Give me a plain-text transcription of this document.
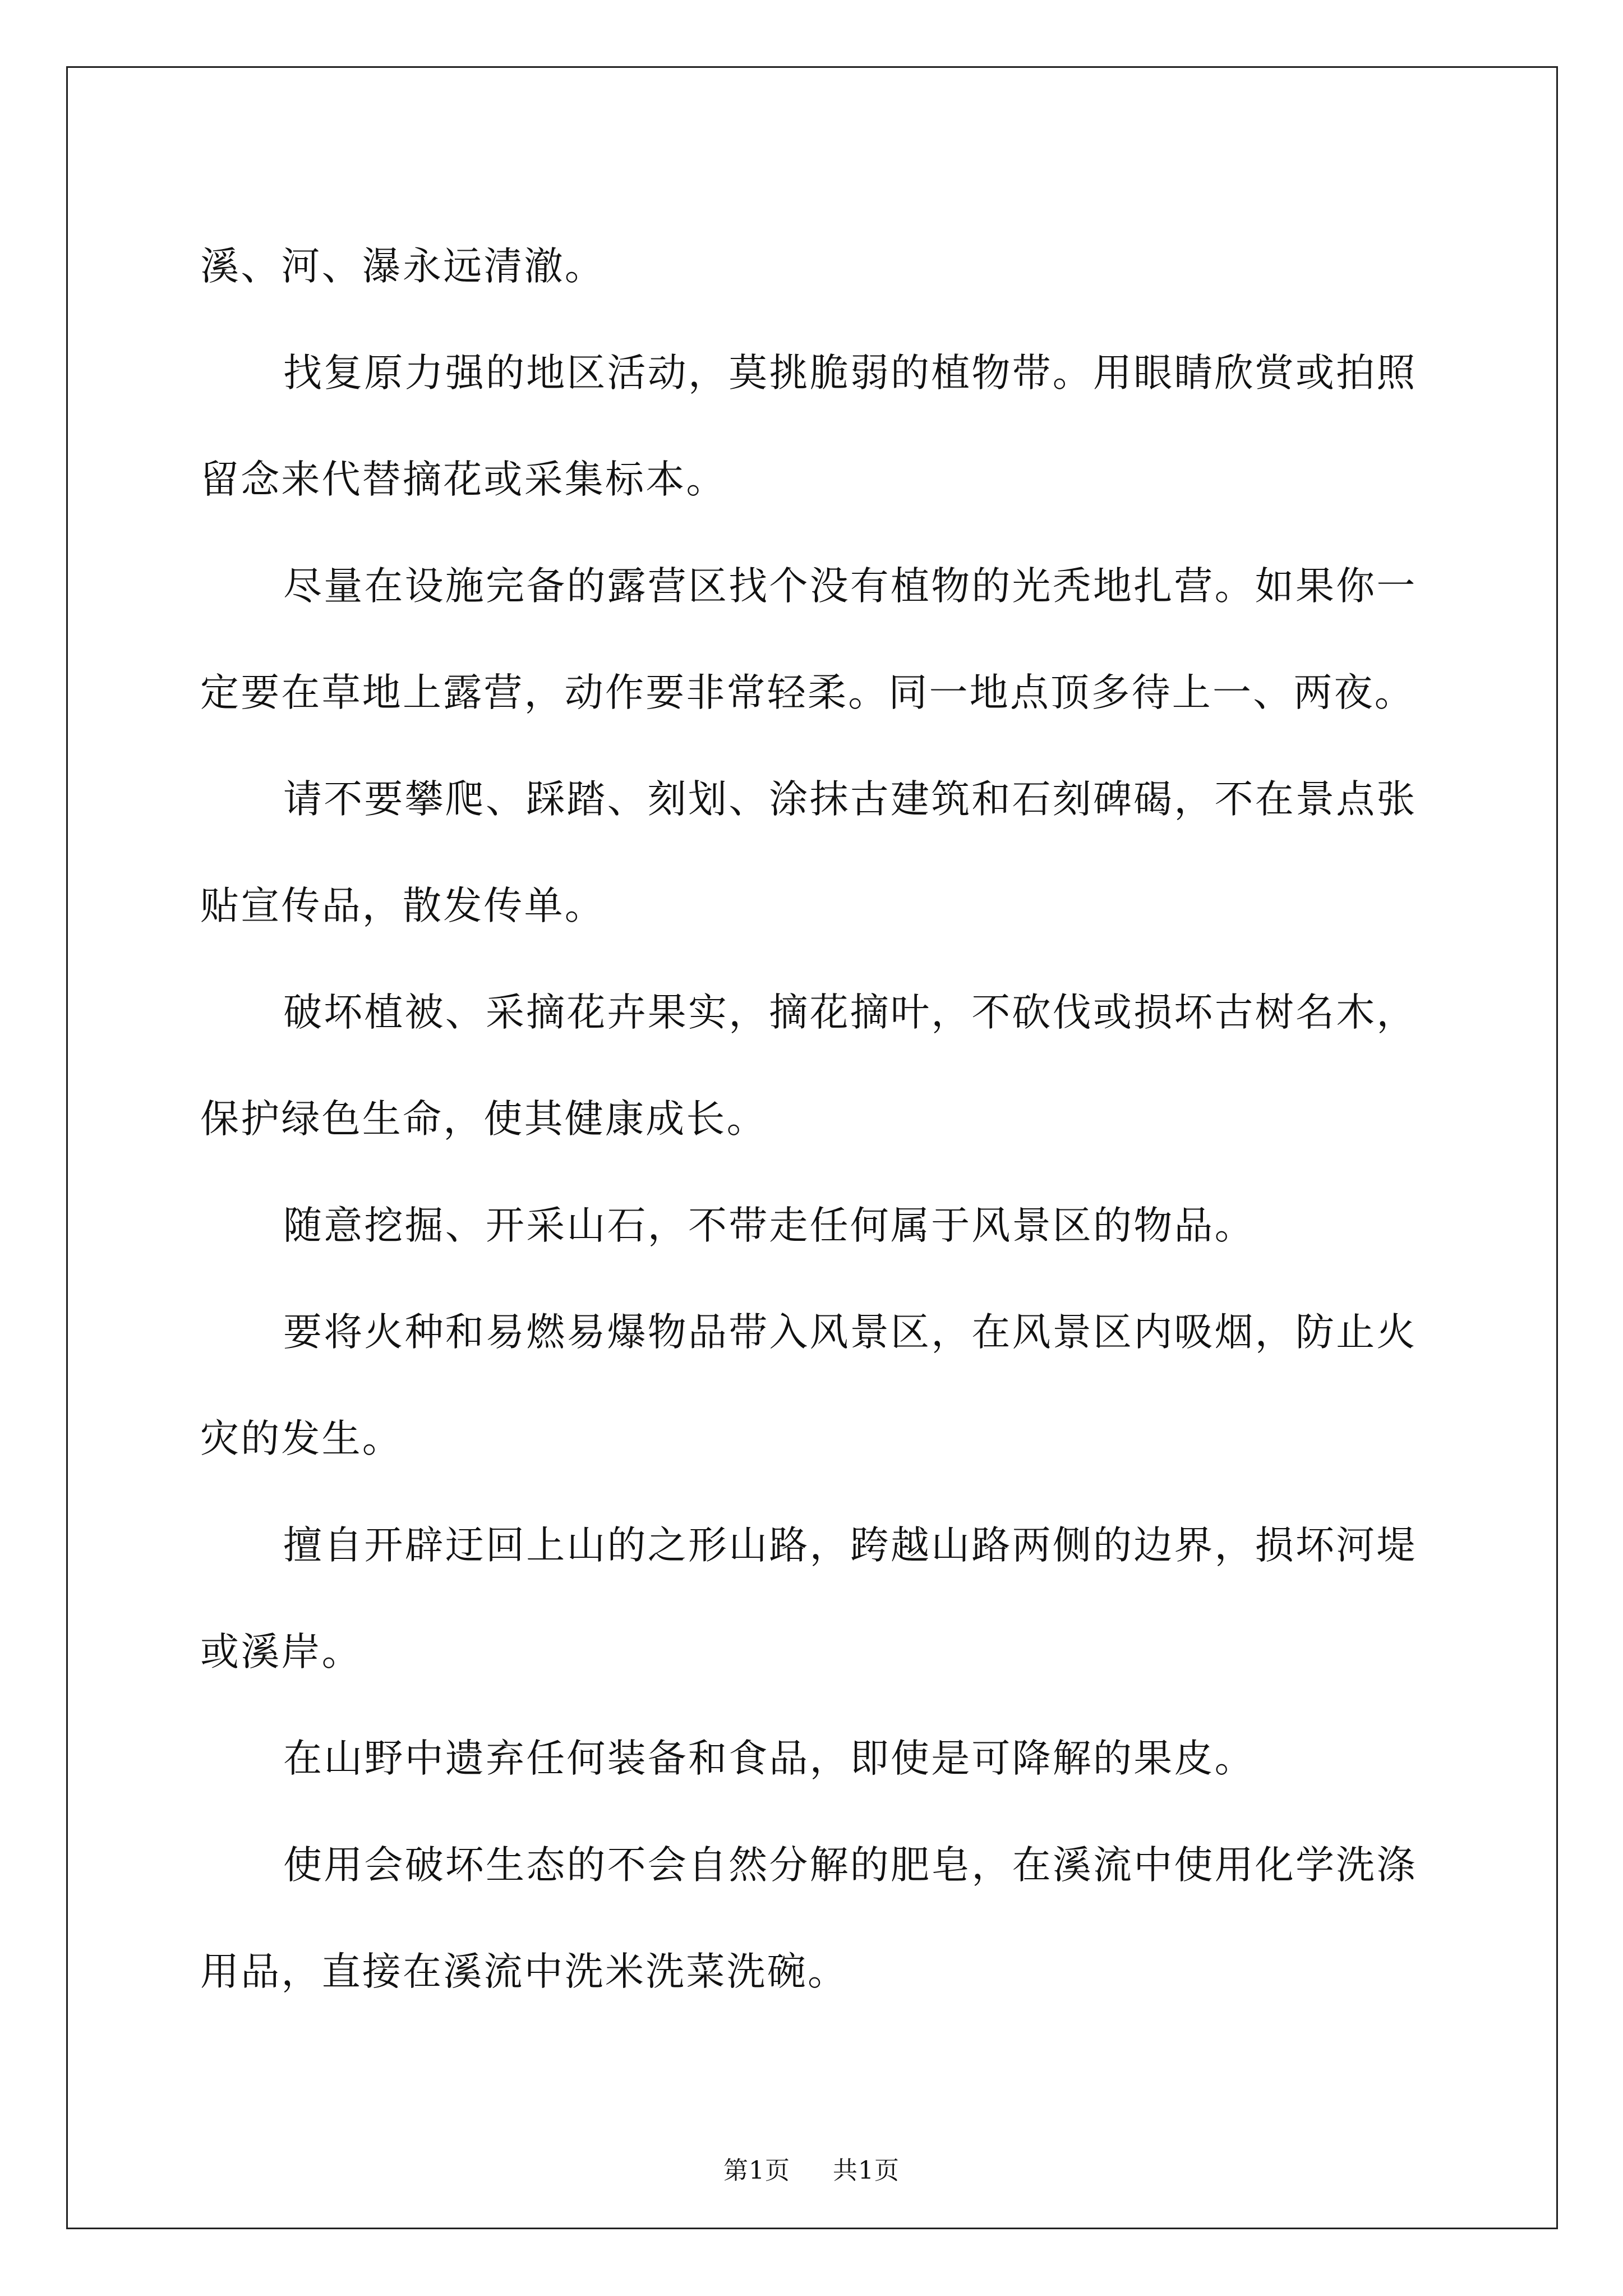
溪、河、瀑永远清澈。
找复原力强的地区活动，莫挑脆弱的植物带。用眼睛欣赏或拍照
留念来代替摘花或采集标本。
尽量在设施完备的露营区找个没有植物的光秃地扎营。如果你一
定要在草地上露营，动作要非常轻柔。同一地点顶多待上一、两夜。
请不要攀爬、踩踏、刻划、涂抹古建筑和石刻碑碣，不在景点张
贴宣传品，散发传单。
破坏植被、采摘花卉果实，摘花摘叶，不砍伐或损坏古树名木，
保护绿色生命，使其健康成长。
随意挖掘、开采山石，不带走任何属于风景区的物品。
要将火种和易燃易爆物品带入风景区，在风景区内吸烟，防止火
灾的发生。
擅自开辟迂回上山的之形山路，跨越山路两侧的边界，损坏河堤
或溪岸。
在山野中遗弃任何装备和食品，即使是可降解的果皮。
使用会破坏生态的不会自然分解的肥皂，在溪流中使用化学洗涤
用品，直接在溪流中洗米洗菜洗碗。
第1页 共1页
